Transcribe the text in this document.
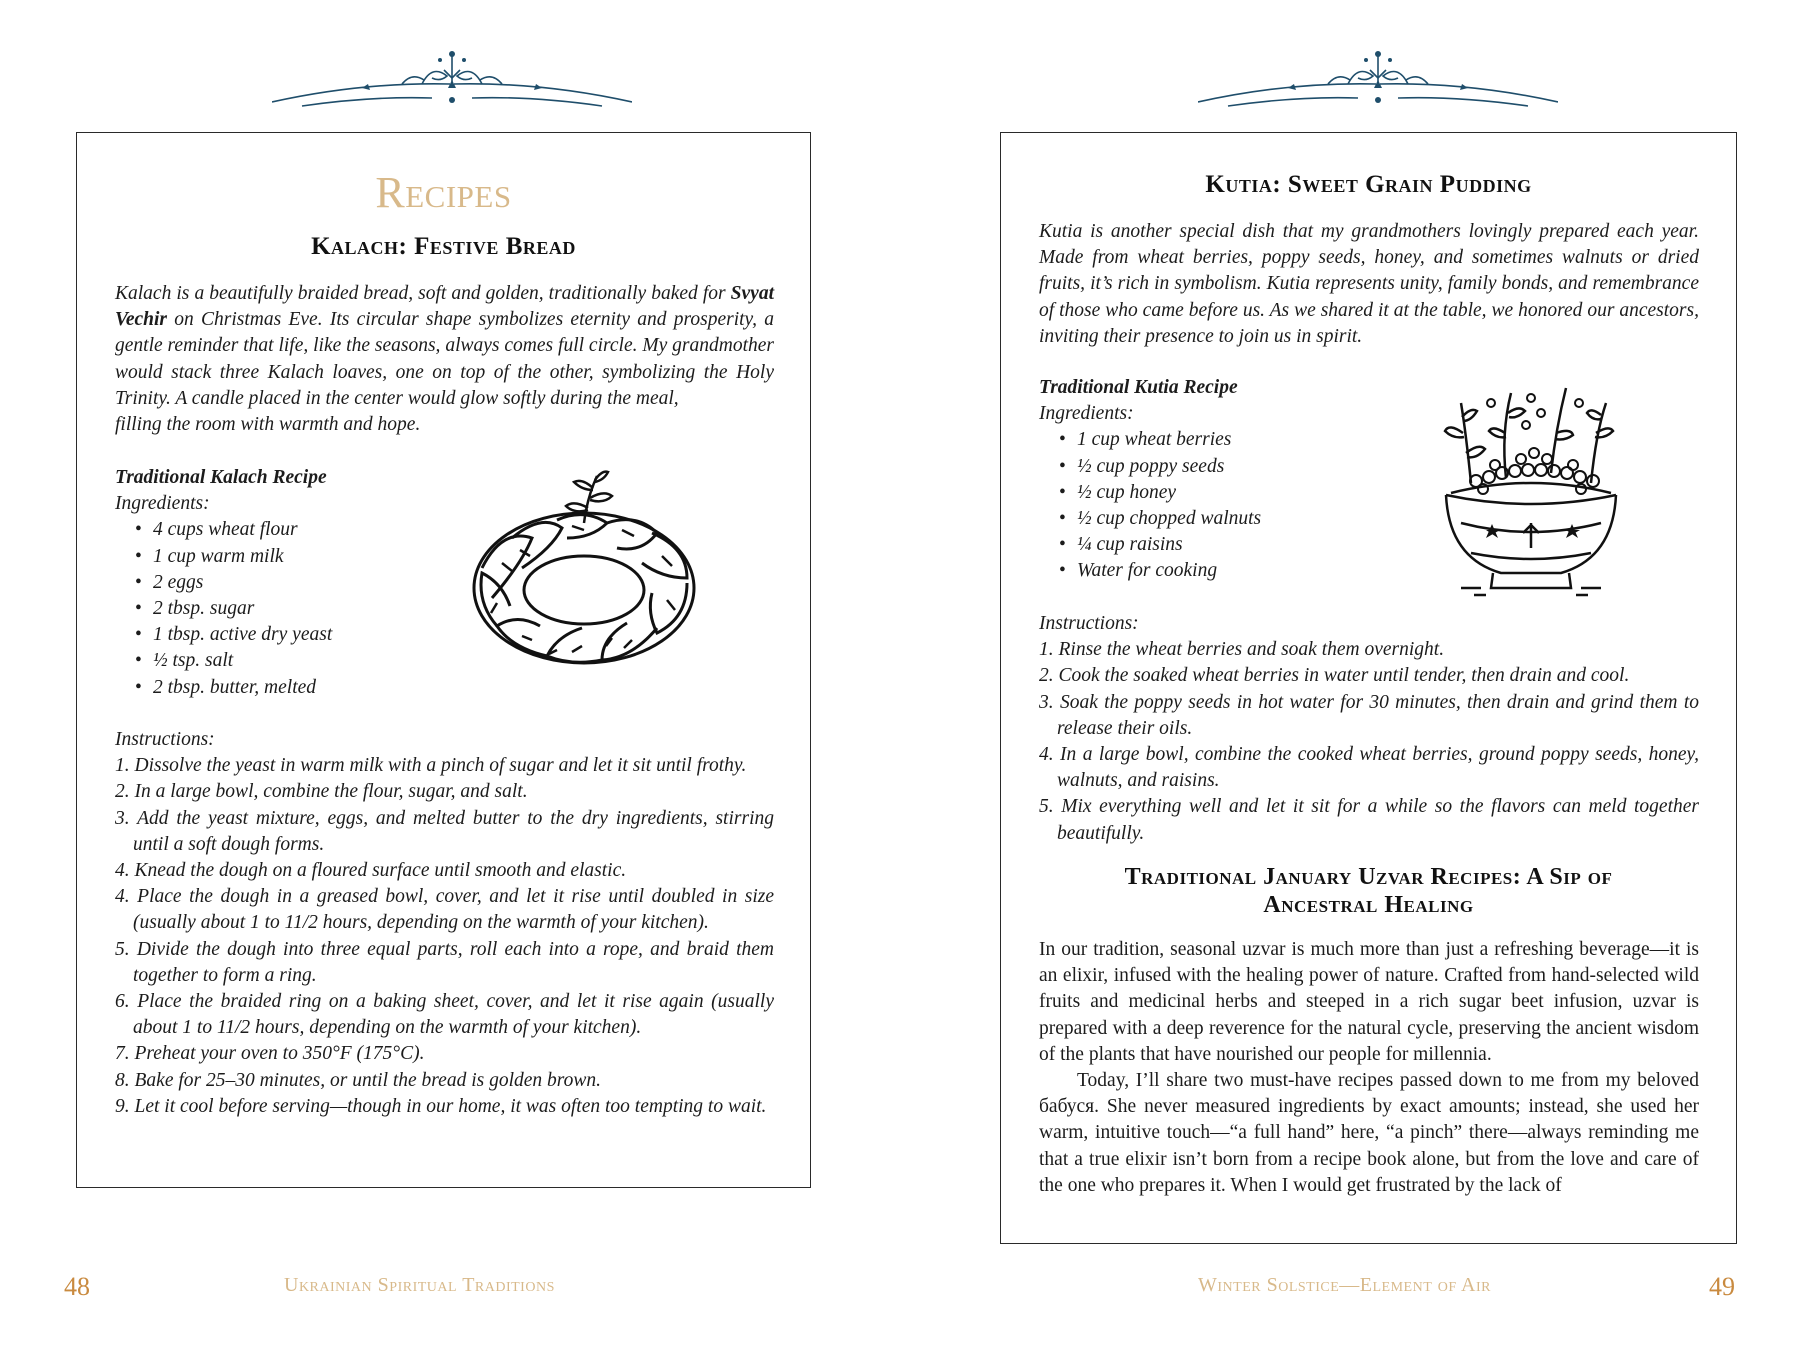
Recipes
Kalach: Festive Bread

Kalach is a beautifully braided bread, soft and golden, traditionally baked for Svyat Vechir on Christmas Eve. Its circular shape symbolizes eternity and prosperity, a gentle reminder that life, like the seasons, always comes full circle. My grandmother would stack three Kalach loaves, one on top of the other, symbolizing the Holy Trinity. A candle placed in the center would glow softly during the meal,
filling the room with warmth and hope.

Traditional Kalach Recipe
Ingredients:
• 4 cups wheat flour
• 1 cup warm milk
• 2 eggs
• 2 tbsp. sugar
• 1 tbsp. active dry yeast
• ½ tsp. salt
• 2 tbsp. butter, melted
Instructions:
1. Dissolve the yeast in warm milk with a pinch of sugar and let it sit until frothy.
2. In a large bowl, combine the flour, sugar, and salt.
3. Add the yeast mixture, eggs, and melted butter to the dry ingredients, stirring until a soft dough forms.
4. Knead the dough on a floured surface until smooth and elastic.
4. Place the dough in a greased bowl, cover, and let it rise until doubled in size (usually about 1 to 11/2 hours, depending on the warmth of your kitchen).
5. Divide the dough into three equal parts, roll each into a rope, and braid them together to form a ring.
6. Place the braided ring on a baking sheet, cover, and let it rise again (usually about 1 to 11/2 hours, depending on the warmth of your kitchen).
7. Preheat your oven to 350°F (175°C).
8. Bake for 25–30 minutes, or until the bread is golden brown.
9. Let it cool before serving—though in our home, it was often too tempting to wait.
Kutia: Sweet Grain Pudding

Kutia is another special dish that my grandmothers lovingly prepared each year. Made from wheat berries, poppy seeds, honey, and sometimes walnuts or dried fruits, it’s rich in symbolism. Kutia represents unity, family bonds, and remembrance of those who came before us. As we shared it at the table, we honored our ancestors, inviting their presence to join us in spirit.

Traditional Kutia Recipe
Ingredients:
• 1 cup wheat berries
• ½ cup poppy seeds
• ½ cup honey
• ½ cup chopped walnuts
• ¼ cup raisins
• Water for cooking
Instructions:
1. Rinse the wheat berries and soak them overnight.
2. Cook the soaked wheat berries in water until tender, then drain and cool.
3. Soak the poppy seeds in hot water for 30 minutes, then drain and grind them to release their oils.
4. In a large bowl, combine the cooked wheat berries, ground poppy seeds, honey, walnuts, and raisins.
5. Mix everything well and let it sit for a while so the flavors can meld together beautifully.
Traditional January Uzvar Recipes: A Sip of
Ancestral Healing

In our tradition, seasonal uzvar is much more than just a refreshing beverage—it is an elixir, infused with the healing power of nature. Crafted from hand-selected wild fruits and medicinal herbs and steeped in a rich sugar beet infusion, uzvar is prepared with a deep reverence for the natural cycle, preserving the ancient wisdom of the plants that have nourished our people for millennia.

Today, I’ll share two must-have recipes passed down to me from my beloved бабуся. She never measured ingredients by exact amounts; instead, she used her warm, intuitive touch—“a full hand” here, “a pinch” there—always reminding me that a true elixir isn’t born from a recipe book alone, but from the love and care of the one who prepares it. When I would get frustrated by the lack of

48	Ukrainian Spiritual Traditions	Winter Solstice—Element of Air	49
